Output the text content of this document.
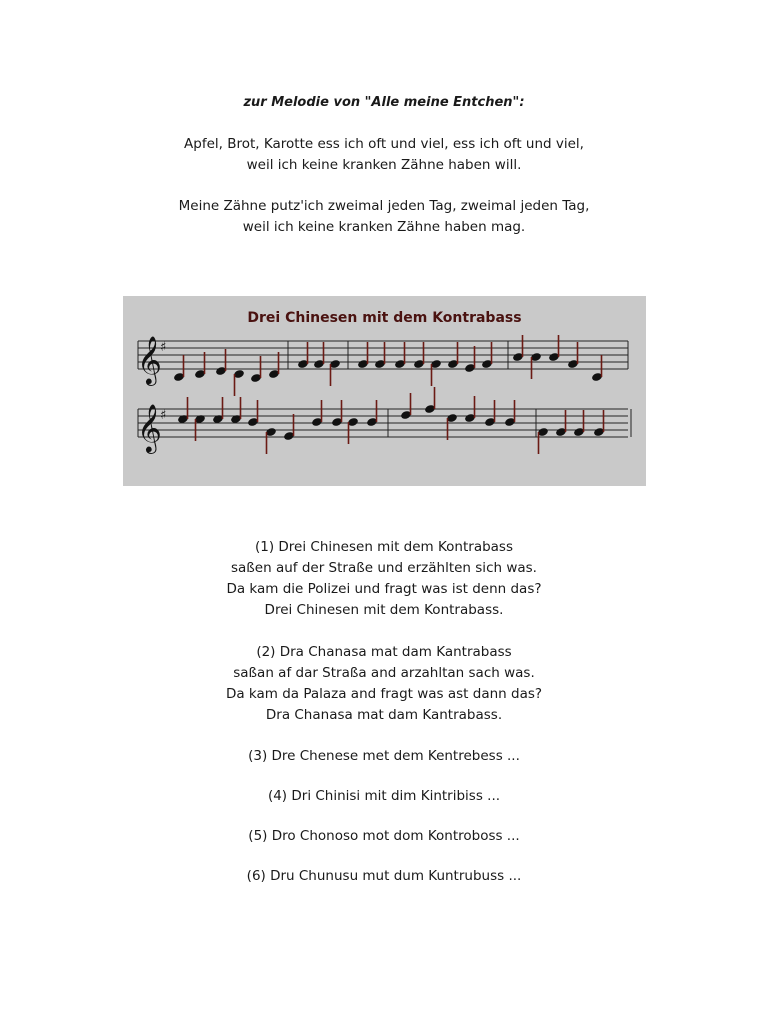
zur Melodie von "Alle meine Entchen":
Apfel, Brot, Karotte ess ich oft und viel, ess ich oft und viel,
weil ich keine kranken Zähne haben will.
Meine Zähne putz'ich zweimal jeden Tag, zweimal jeden Tag,
weil ich keine kranken Zähne haben mag.
Drei Chinesen mit dem Kontrabass
𝄞
♯
𝄞
♯
(1) Drei Chinesen mit dem Kontrabass
saßen auf der Straße und erzählten sich was.
Da kam die Polizei und fragt was ist denn das?
Drei Chinesen mit dem Kontrabass.
(2) Dra Chanasa mat dam Kantrabass
saßan af dar Straßa and arzahltan sach was.
Da kam da Palaza and fragt was ast dann das?
Dra Chanasa mat dam Kantrabass.
(3) Dre Chenese met dem Kentrebess ...
(4) Dri Chinisi mit dim Kintribiss ...
(5) Dro Chonoso mot dom Kontroboss ...
(6) Dru Chunusu mut dum Kuntrubuss ...
